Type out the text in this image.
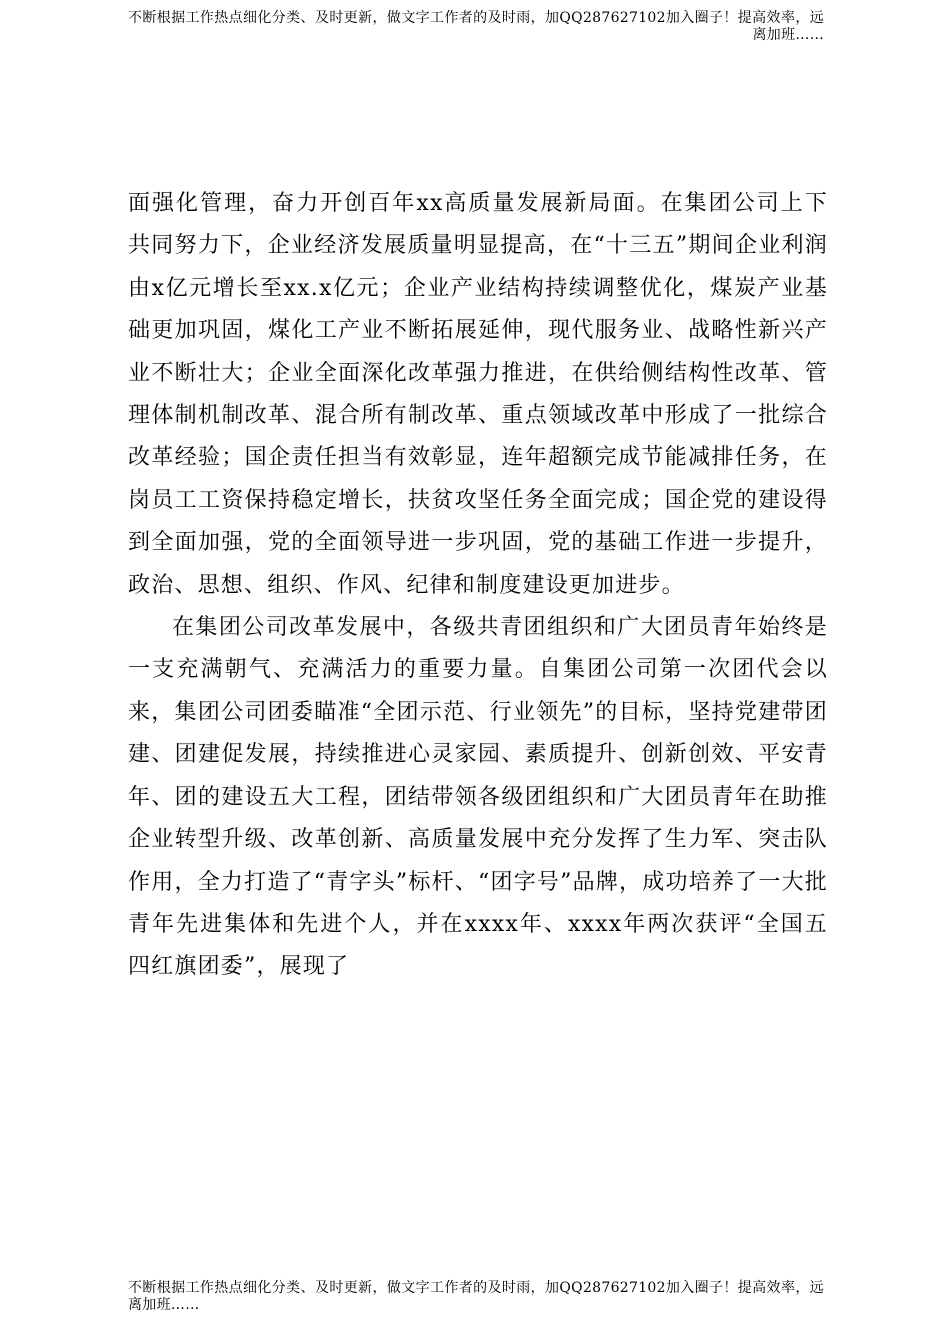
不断根据工作热点细化分类、及时更新，做文字工作者的及时雨，加QQ287627102加入圈子！提高效率，远离加班……

面强化管理，奋力开创百年xx高质量发展新局面。在集团公司上下共同努力下，企业经济发展质量明显提高，在“十三五”期间企业利润由x亿元增长至xx.x亿元；企业产业结构持续调整优化，煤炭产业基础更加巩固，煤化工产业不断拓展延伸，现代服务业、战略性新兴产业不断壮大；企业全面深化改革强力推进，在供给侧结构性改革、管理体制机制改革、混合所有制改革、重点领域改革中形成了一批综合改革经验；国企责任担当有效彰显，连年超额完成节能减排任务，在岗员工工资保持稳定增长，扶贫攻坚任务全面完成；国企党的建设得到全面加强，党的全面领导进一步巩固，党的基础工作进一步提升，政治、思想、组织、作风、纪律和制度建设更加进步。

在集团公司改革发展中，各级共青团组织和广大团员青年始终是一支充满朝气、充满活力的重要力量。自集团公司第一次团代会以来，集团公司团委瞄准“全团示范、行业领先”的目标，坚持党建带团建、团建促发展，持续推进心灵家园、素质提升、创新创效、平安青年、团的建设五大工程，团结带领各级团组织和广大团员青年在助推企业转型升级、改革创新、高质量发展中充分发挥了生力军、突击队作用，全力打造了“青字头”标杆、“团字号”品牌，成功培养了一大批青年先进集体和先进个人，并在xxxx年、xxxx年两次获评“全国五四红旗团委”，展现了

不断根据工作热点细化分类、及时更新，做文字工作者的及时雨，加QQ287627102加入圈子！提高效率，远离加班……
